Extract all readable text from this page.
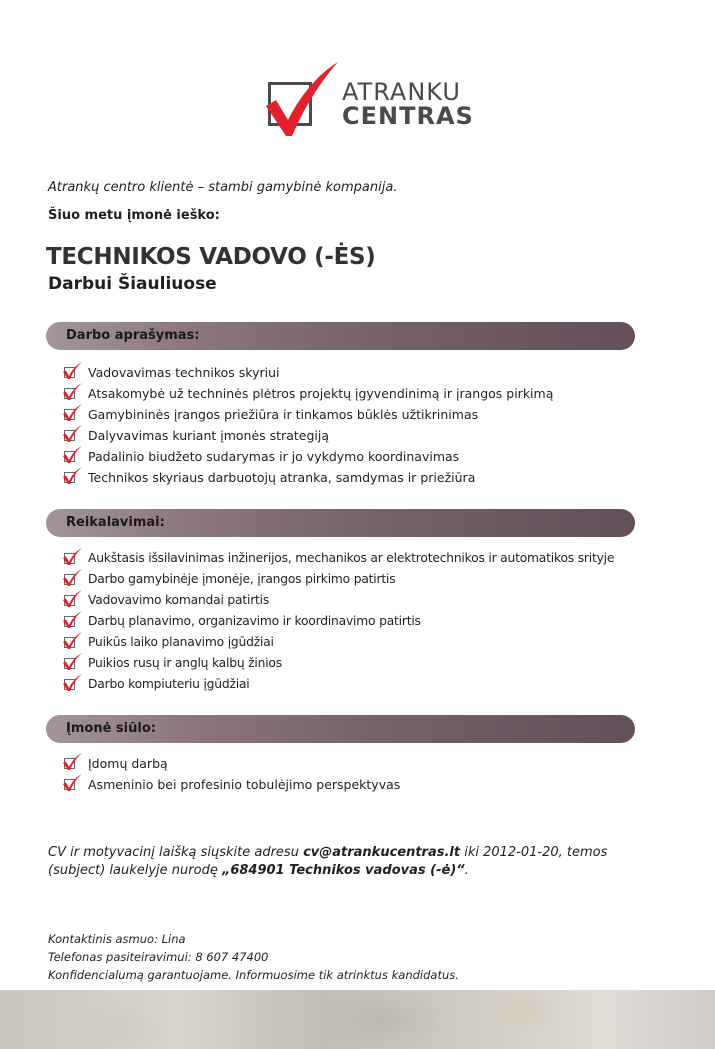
ATRANKU
CENTRAS
Atrankų centro klientė – stambi gamybinė kompanija.
Šiuo metu įmonė ieško:
TECHNIKOS VADOVO (-ĖS)
Darbui Šiauliuose
Darbo aprašymas:
Vadovavimas technikos skyriui
Atsakomybė už techninės plėtros projektų įgyvendinimą ir įrangos pirkimą
Gamybininės įrangos priežiūra ir tinkamos būklės užtikrinimas
Dalyvavimas kuriant įmonės strategiją
Padalinio biudžeto sudarymas ir jo vykdymo koordinavimas
Technikos skyriaus darbuotojų atranka, samdymas ir priežiūra
Reikalavimai:
Aukštasis išsilavinimas inžinerijos, mechanikos ar elektrotechnikos ir automatikos srityje
Darbo gamybinėje įmonėje, įrangos pirkimo patirtis
Vadovavimo komandai patirtis
Darbų planavimo, organizavimo ir koordinavimo patirtis
Puikūs laiko planavimo įgūdžiai
Puikios rusų ir anglų kalbų žinios
Darbo kompiuteriu įgūdžiai
Įmonė siūlo:
Įdomų darbą
Asmeninio bei profesinio tobulėjimo perspektyvas
CV ir motyvacinį laišką siųskite adresu cv@atrankucentras.lt iki 2012-01-20, temos (subject) laukelyje nurodę „684901 Technikos vadovas (-ė)“.
Kontaktinis asmuo: Lina
Telefonas pasiteiravimui: 8 607 47400
Konfidencialumą garantuojame. Informuosime tik atrinktus kandidatus.
